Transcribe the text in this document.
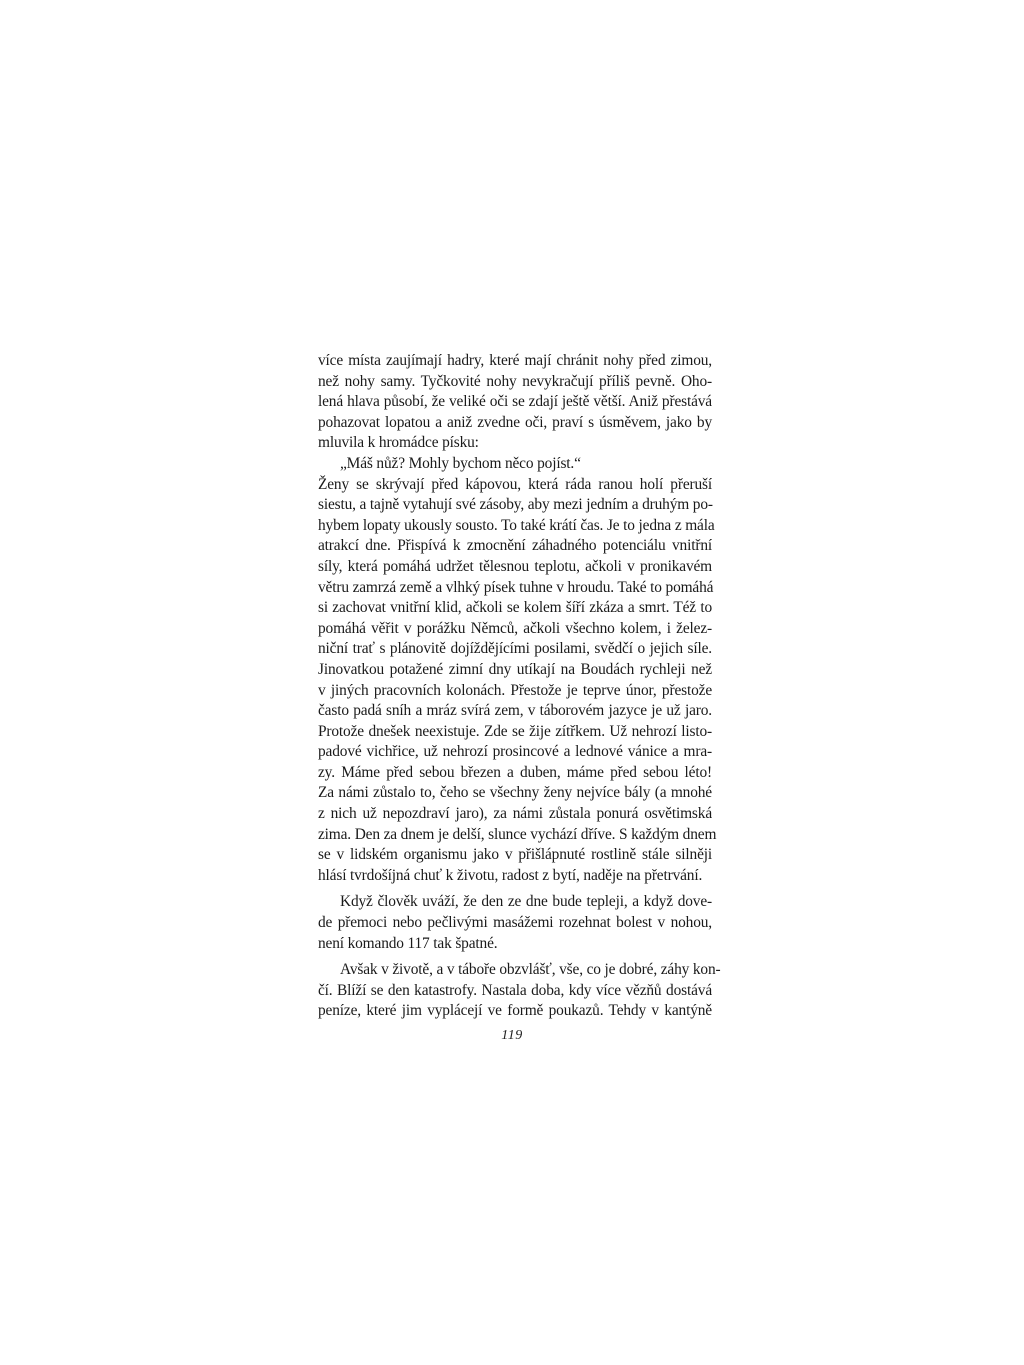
více místa zaujímají hadry, které mají chránit nohy před zimou,
než nohy samy. Tyčkovité nohy nevykračují příliš pevně. Oho-
lená hlava působí, že veliké oči se zdají ještě větší. Aniž přestává
pohazovat lopatou a aniž zvedne oči, praví s úsměvem, jako by
mluvila k hromádce písku:
„Máš nůž? Mohly bychom něco pojíst.“
Ženy se skrývají před kápovou, která ráda ranou holí přeruší
siestu, a tajně vytahují své zásoby, aby mezi jedním a druhým po-
hybem lopaty ukously sousto. To také krátí čas. Je to jedna z mála
atrakcí dne. Přispívá k zmocnění záhadného potenciálu vnitřní
síly, která pomáhá udržet tělesnou teplotu, ačkoli v pronikavém
větru zamrzá země a vlhký písek tuhne v hroudu. Také to pomáhá
si zachovat vnitřní klid, ačkoli se kolem šíří zkáza a smrt. Též to
pomáhá věřit v porážku Němců, ačkoli všechno kolem, i želez-
niční trať s plánovitě dojíždějícími posilami, svědčí o jejich síle.
Jinovatkou potažené zimní dny utíkají na Boudách rychleji než
v jiných pracovních kolonách. Přestože je teprve únor, přestože
často padá sníh a mráz svírá zem, v táborovém jazyce je už jaro.
Protože dnešek neexistuje. Zde se žije zítřkem. Už nehrozí listo-
padové vichřice, už nehrozí prosincové a lednové vánice a mra-
zy. Máme před sebou březen a duben, máme před sebou léto!
Za námi zůstalo to, čeho se všechny ženy nejvíce bály (a mnohé
z nich už nepozdraví jaro), za námi zůstala ponurá osvětimská
zima. Den za dnem je delší, slunce vychází dříve. S každým dnem
se v lidském organismu jako v přišlápnuté rostlině stále silněji
hlásí tvrdošíjná chuť k životu, radost z bytí, naděje na přetrvání.
Když člověk uváží, že den ze dne bude tepleji, a když dove-
de přemoci nebo pečlivými masážemi rozehnat bolest v nohou,
není komando 117 tak špatné.
Avšak v životě, a v táboře obzvlášť, vše, co je dobré, záhy kon-
čí. Blíží se den katastrofy. Nastala doba, kdy více vězňů dostává
peníze, které jim vyplácejí ve formě poukazů. Tehdy v kantýně
119
